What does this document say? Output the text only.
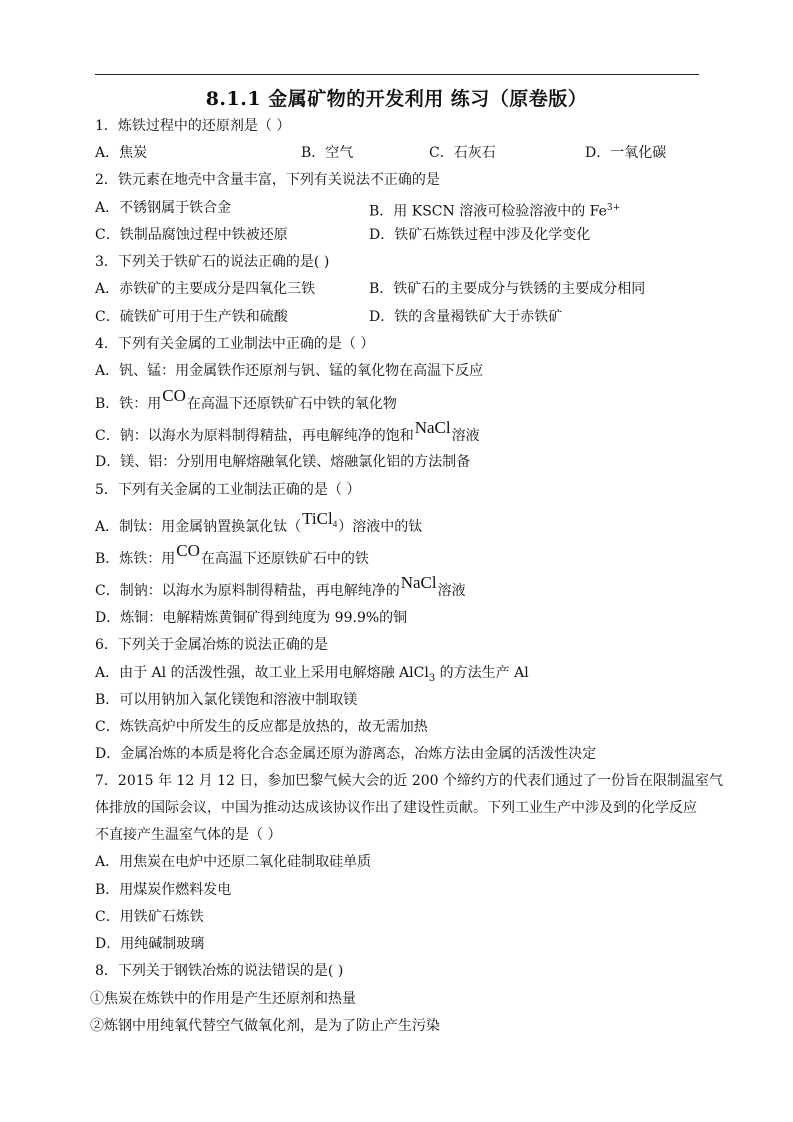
8.1.1 金属矿物的开发利用 练习（原卷版）
1．炼铁过程中的还原剂是（ ）
A．焦炭	B．空气	C．石灰石	D．一氧化碳
2．铁元素在地壳中含量丰富，下列有关说法不正确的是
A．不锈钢属于铁合金	B．用 KSCN 溶液可检验溶液中的 $Fe^{3+}$
C．铁制品腐蚀过程中铁被还原	D．铁矿石炼铁过程中涉及化学变化
3．下列关于铁矿石的说法正确的是( )
A．赤铁矿的主要成分是四氧化三铁	B．铁矿石的主要成分与铁锈的主要成分相同
C．硫铁矿可用于生产铁和硫酸	D．铁的含量褐铁矿大于赤铁矿
4．下列有关金属的工业制法中正确的是（ ）
A．钒、锰：用金属铁作还原剂与钒、锰的氧化物在高温下反应
B．铁：用CO在高温下还原铁矿石中铁的氧化物
C．钠：以海水为原料制得精盐，再电解纯净的饱和NaCl溶液
D．镁、铝：分别用电解熔融氧化镁、熔融氯化铝的方法制备
5．下列有关金属的工业制法正确的是（ ）
A．制钛：用金属钠置换氯化钛（TiCl4）溶液中的钛
B．炼铁：用CO在高温下还原铁矿石中的铁
C．制钠：以海水为原料制得精盐，再电解纯净的NaCl溶液
D．炼铜：电解精炼黄铜矿得到纯度为 99.9%的铜
6．下列关于金属冶炼的说法正确的是
A．由于 Al 的活泼性强，故工业上采用电解熔融 AlCl$_3$ 的方法生产 Al
B．可以用钠加入氯化镁饱和溶液中制取镁
C．炼铁高炉中所发生的反应都是放热的，故无需加热
D．金属冶炼的本质是将化合态金属还原为游离态，冶炼方法由金属的活泼性决定
7．2015 年 12 月 12 日，参加巴黎气候大会的近 200 个缔约方的代表们通过了一份旨在限制温室气
体排放的国际会议，中国为推动达成该协议作出了建设性贡献。下列工业生产中涉及到的化学反应
不直接产生温室气体的是（ ）
A．用焦炭在电炉中还原二氧化硅制取硅单质
B．用煤炭作燃料发电
C．用铁矿石炼铁
D．用纯碱制玻璃
8．下列关于钢铁冶炼的说法错误的是( )
①焦炭在炼铁中的作用是产生还原剂和热量
②炼钢中用纯氧代替空气做氧化剂，是为了防止产生污染
